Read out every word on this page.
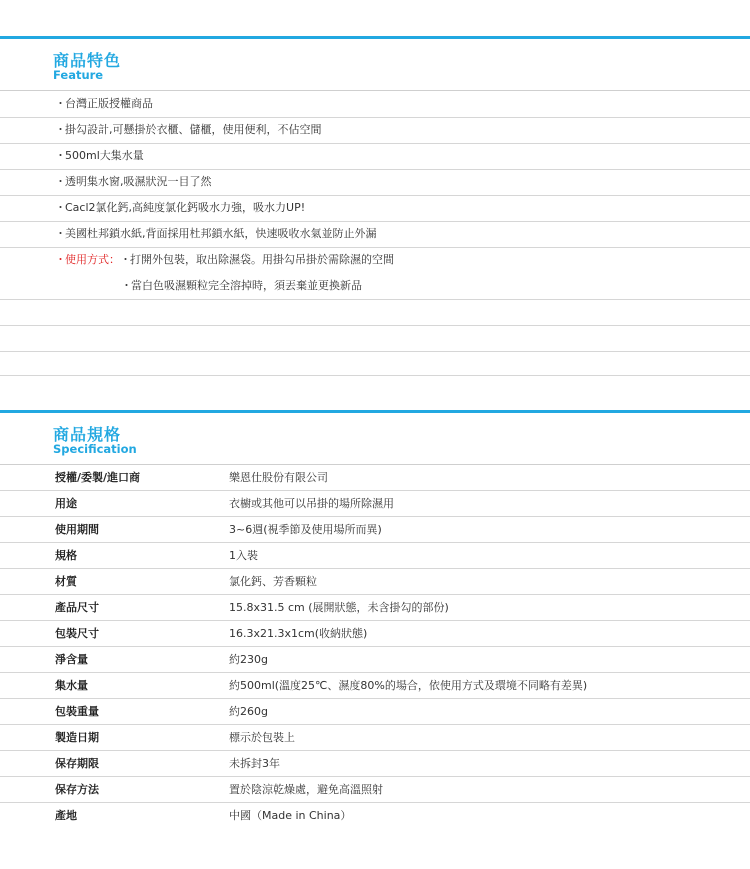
商品特色
Feature
・台灣正版授權商品
・掛勾設計,可懸掛於衣櫃、儲櫃，使用便利，不佔空間
・500ml大集水量
・透明集水窗,吸濕狀況一目了然
・Cacl2氯化鈣,高純度氯化鈣吸水力強，吸水力UP!
・美國杜邦鎖水紙,背面採用杜邦鎖水紙，快速吸收水氣並防止外漏
・使用方式：・打開外包裝，取出除濕袋。用掛勾吊掛於需除濕的空間
・當白色吸濕顆粒完全溶掉時，須丟棄並更換新品
商品規格
Specification
授權/委製/進口商	樂恩仕股份有限公司
用途	衣櫥或其他可以吊掛的場所除濕用
使用期間	3~6週(視季節及使用場所而異)
規格	1入裝
材質	氯化鈣、芳香顆粒
產品尺寸	15.8x31.5 cm (展開狀態，未含掛勾的部份)
包裝尺寸	16.3x21.3x1cm(收納狀態)
淨含量	約230g
集水量	約500ml(溫度25℃、濕度80%的場合，依使用方式及環境不同略有差異)
包裝重量	約260g
製造日期	標示於包裝上
保存期限	未拆封3年
保存方法	置於陰涼乾燥處，避免高溫照射
產地	中國（Made in China）
